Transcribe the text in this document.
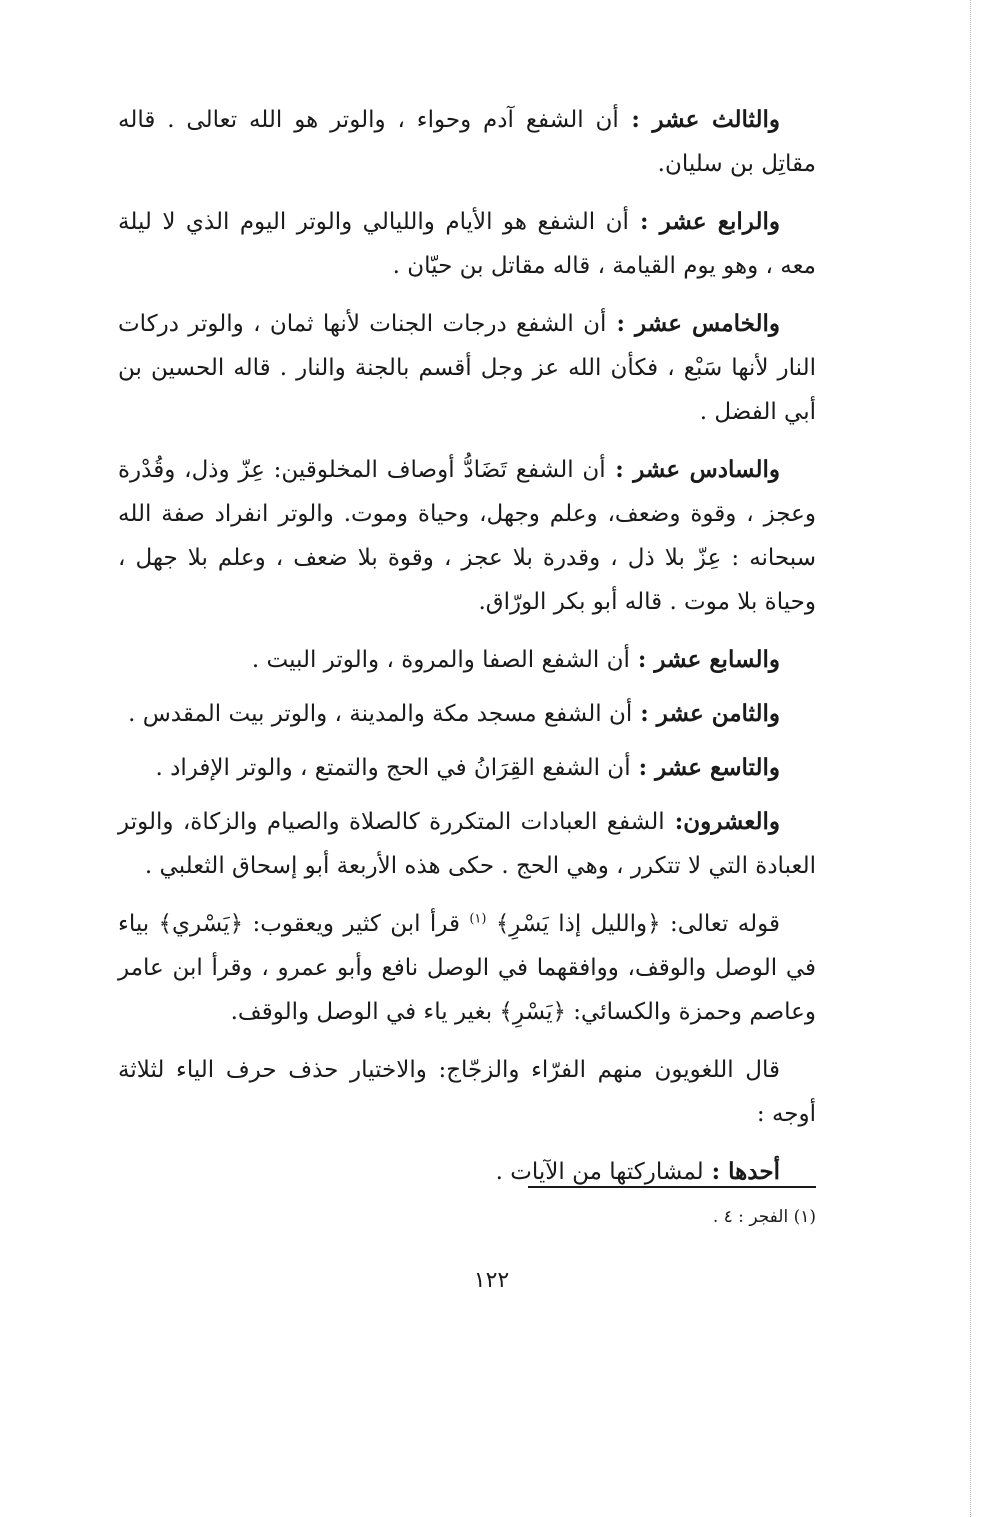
والثالث عشر : أن الشفع آدم وحواء ، والوتر هو الله تعالى . قاله مقاتِل بن سليان.

والرابع عشر : أن الشفع هو الأيام والليالي والوتر اليوم الذي لا ليلة معه ، وهو يوم القيامة ، قاله مقاتل بن حيّان .

والخامس عشر : أن الشفع درجات الجنات لأنها ثمان ، والوتر دركات النار لأنها سَبْع ، فكأن الله عز وجل أقسم بالجنة والنار . قاله الحسين بن أبي الفضل .

والسادس عشر : أن الشفع تَضَادُّ أوصاف المخلوقين: عِزّ وذل، وقُدْرة وعجز ، وقوة وضعف، وعلم وجهل، وحياة وموت. والوتر انفراد صفة الله سبحانه : عِزّ بلا ذل ، وقدرة بلا عجز ، وقوة بلا ضعف ، وعلم بلا جهل ، وحياة بلا موت . قاله أبو بكر الورّاق.

والسابع عشر : أن الشفع الصفا والمروة ، والوتر البيت .

والثامن عشر : أن الشفع مسجد مكة والمدينة ، والوتر بيت المقدس .

والتاسع عشر : أن الشفع القِرَانُ في الحج والتمتع ، والوتر الإفراد .

والعشرون: الشفع العبادات المتكررة كالصلاة والصيام والزكاة، والوتر العبادة التي لا تتكرر ، وهي الحج . حكى هذه الأربعة أبو إسحاق الثعلبي .

قوله تعالى: ﴿والليل إذا يَسْرِ﴾ $^{(١)}$ قرأ ابن كثير ويعقوب: ﴿يَسْري﴾ بياء في الوصل والوقف، ووافقهما في الوصل نافع وأبو عمرو ، وقرأ ابن عامر وعاصم وحمزة والكسائي: ﴿يَسْرِ﴾ بغير ياء في الوصل والوقف.

قال اللغويون منهم الفرّاء والزجّاج: والاختيار حذف حرف الياء لثلاثة أوجه :

أحدها : لمشاركتها من الآيات .

(١) الفجر : ٤ .
١٢٢
